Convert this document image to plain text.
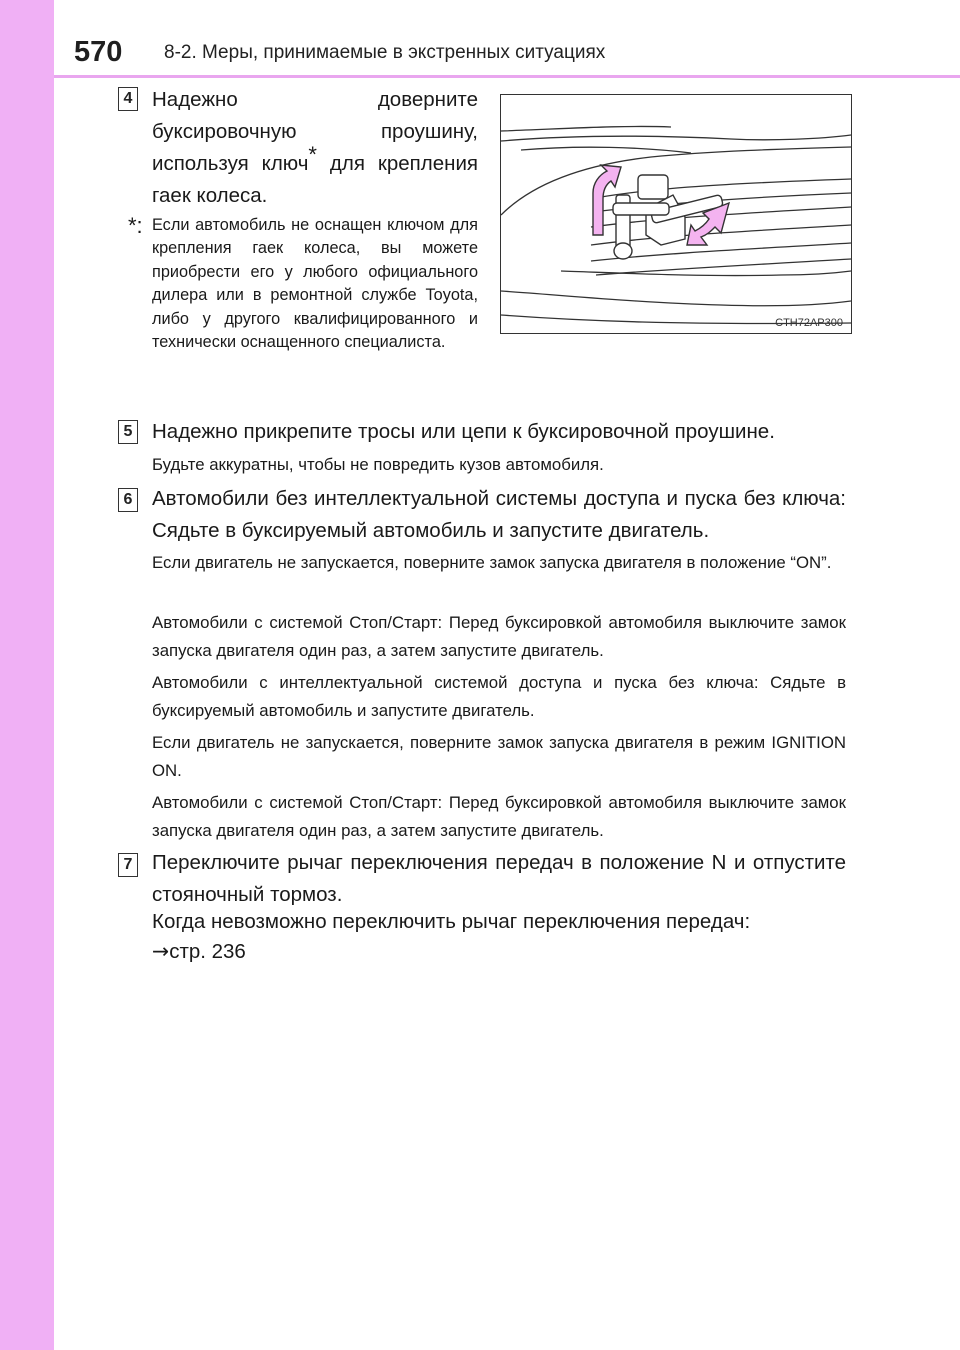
570 8-2. Меры, принимаемые в экстренных ситуациях
4 Надежно доверните буксировочную проушину, используя ключ* для крепления гаек колеса.
*: Если автомобиль не оснащен ключом для крепления гаек колеса, вы можете приобрести его у любого официального дилера или в ремонтной службе Toyota, либо у другого квалифицированного и технически оснащенного специалиста.
CTH72AP300
5 Надежно прикрепите тросы или цепи к буксировочной проушине.
Будьте аккуратны, чтобы не повредить кузов автомобиля.
6 Автомобили без интеллектуальной системы доступа и пуска без ключа: Сядьте в буксируемый автомобиль и запустите двигатель.
Если двигатель не запускается, поверните замок запуска двигателя в положение “ON”.
Автомобили с системой Стоп/Старт: Перед буксировкой автомобиля выключите замок запуска двигателя один раз, а затем запустите двигатель.
Автомобили с интеллектуальной системой доступа и пуска без ключа: Сядьте в буксируемый автомобиль и запустите двигатель.
Если двигатель не запускается, поверните замок запуска двигателя в режим IGNITION ON.
Автомобили с системой Стоп/Старт: Перед буксировкой автомобиля выключите замок запуска двигателя один раз, а затем запустите двигатель.
7 Переключите рычаг переключения передач в положение N и отпустите стояночный тормоз.
Когда невозможно переключить рычаг переключения передач:
→стр. 236
